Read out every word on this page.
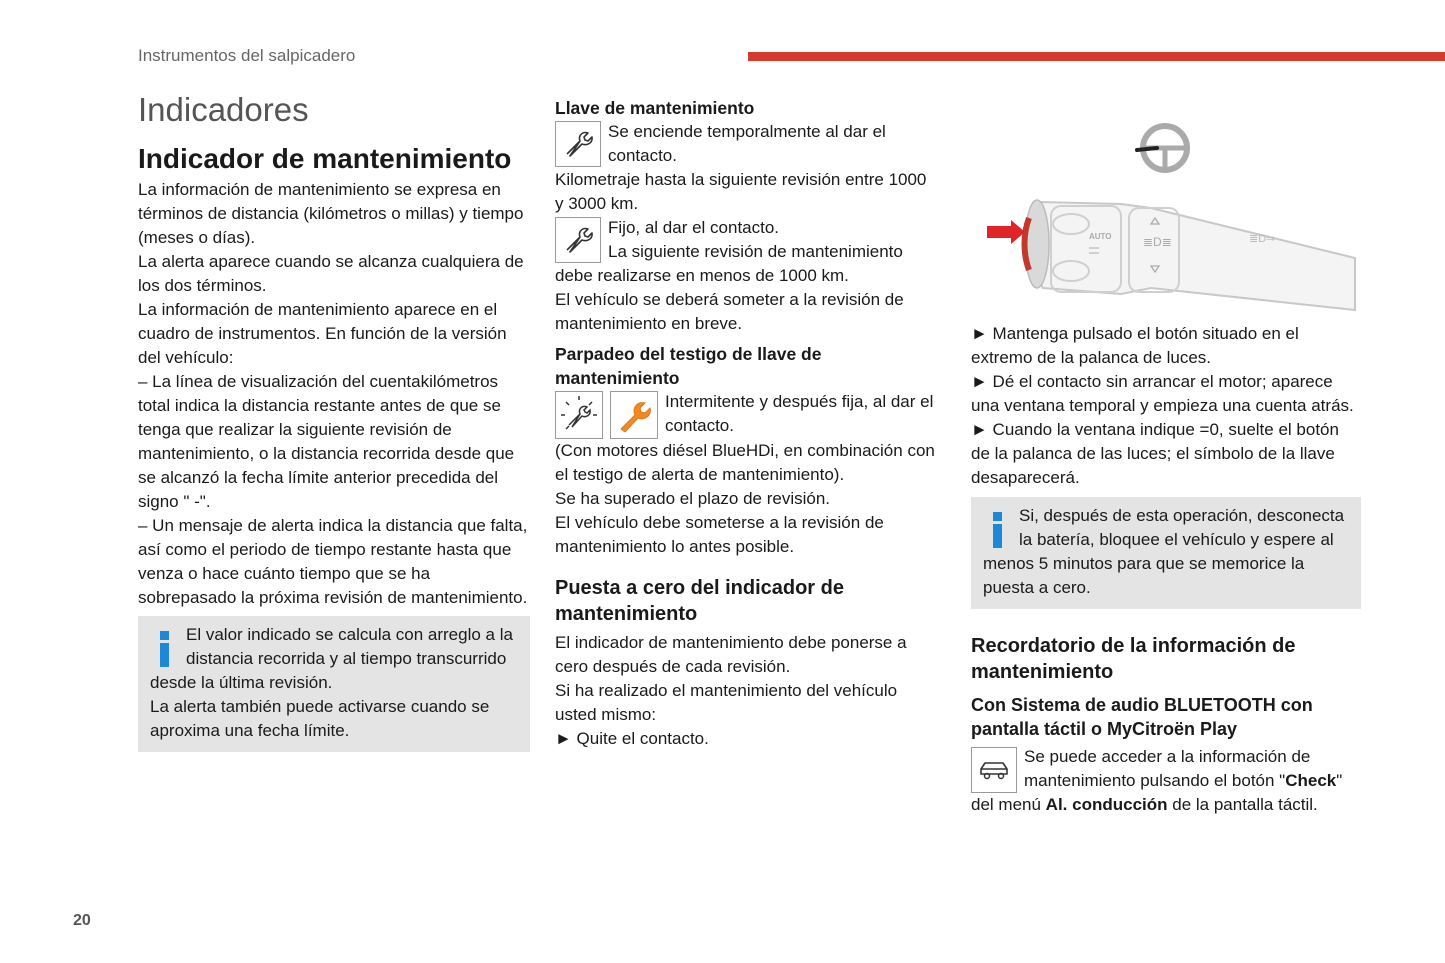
Instrumentos del salpicadero
20
Indicadores
Indicador de mantenimiento

La información de mantenimiento se expresa en términos de distancia (kilómetros o millas) y tiempo (meses o días).

La alerta aparece cuando se alcanza cualquiera de los dos términos.

La información de mantenimiento aparece en el cuadro de instrumentos. En función de la versión del vehículo:

– La línea de visualización del cuentakilómetros total indica la distancia restante antes de que se tenga que realizar la siguiente revisión de mantenimiento, o la distancia recorrida desde que se alcanzó la fecha límite anterior precedida del signo " -".

– Un mensaje de alerta indica la distancia que falta, así como el periodo de tiempo restante hasta que venza o hace cuánto tiempo que se ha sobrepasado la próxima revisión de mantenimiento.

El valor indicado se calcula con arreglo a la distancia recorrida y al tiempo transcurrido desde la última revisión.

La alerta también puede activarse cuando se aproxima una fecha límite.

Llave de mantenimiento

Se enciende temporalmente al dar el contacto.

Kilometraje hasta la siguiente revisión entre 1000 y 3000 km.

Fijo, al dar el contacto.

La siguiente revisión de mantenimiento debe realizarse en menos de 1000 km.

El vehículo se deberá someter a la revisión de mantenimiento en breve.

Parpadeo del testigo de llave de mantenimiento

Intermitente y después fija, al dar el contacto.

(Con motores diésel BlueHDi, en combinación con el testigo de alerta de mantenimiento).

Se ha superado el plazo de revisión.

El vehículo debe someterse a la revisión de mantenimiento lo antes posible.

Puesta a cero del indicador de mantenimiento

El indicador de mantenimiento debe ponerse a cero después de cada revisión.

Si ha realizado el mantenimiento del vehículo usted mismo:

► Quite el contacto.

AUTO	≣D≣	≣D⇒

► Mantenga pulsado el botón situado en el extremo de la palanca de luces.

► Dé el contacto sin arrancar el motor; aparece una ventana temporal y empieza una cuenta atrás.

► Cuando la ventana indique =0, suelte el botón de la palanca de las luces; el símbolo de la llave desaparecerá.

Si, después de esta operación, desconecta la batería, bloquee el vehículo y espere al menos 5 minutos para que se memorice la puesta a cero.

Recordatorio de la información de mantenimiento
Con Sistema de audio BLUETOOTH con pantalla táctil o MyCitroën Play

Se puede acceder a la información de mantenimiento pulsando el botón "Check" del menú Al. conducción de la pantalla táctil.
